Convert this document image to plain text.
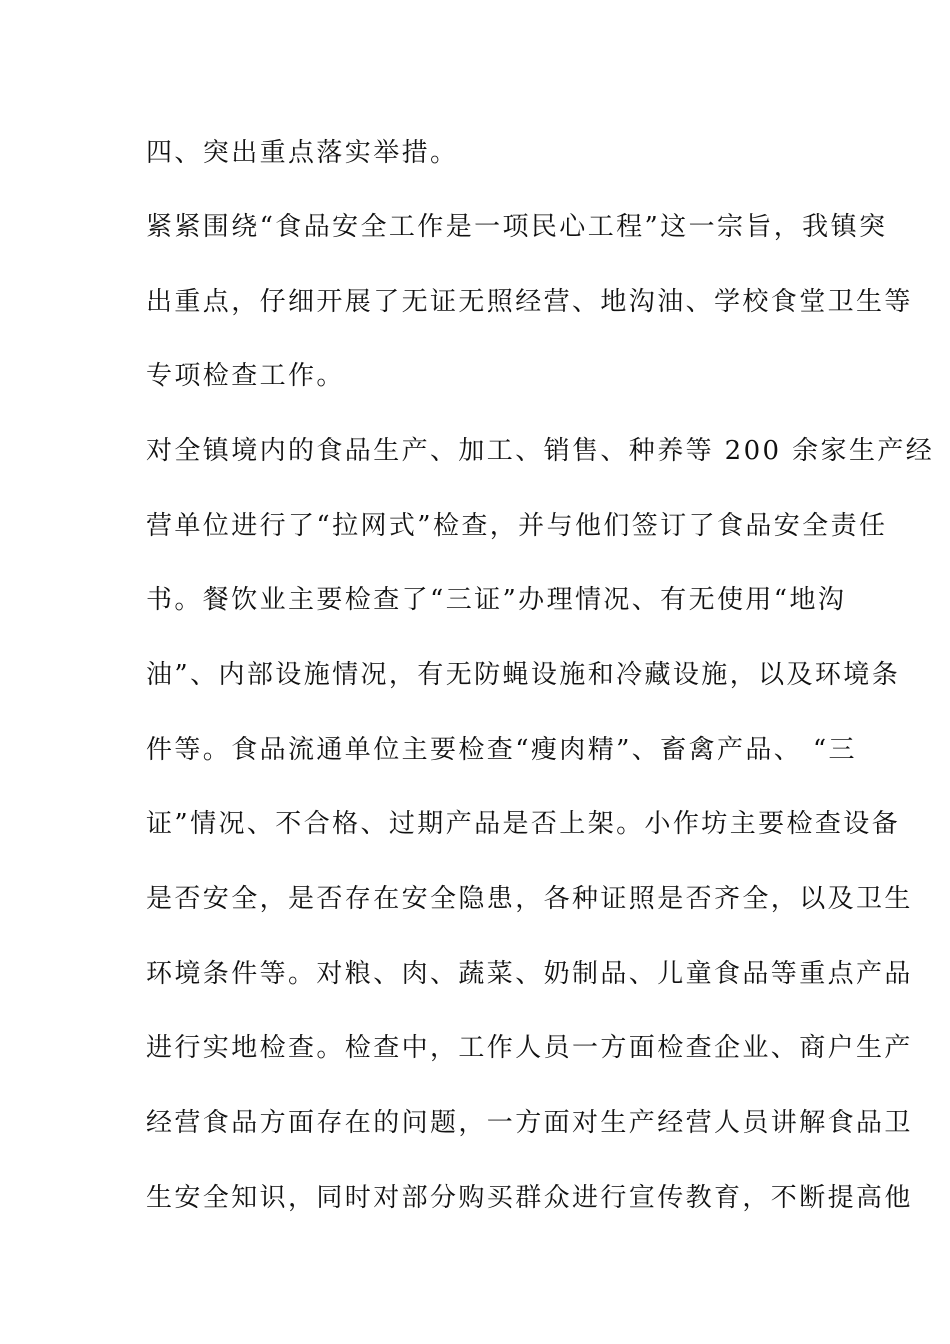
四、突出重点落实举措。
紧紧围绕“食品安全工作是一项民心工程”这一宗旨，我镇突
出重点，仔细开展了无证无照经营、地沟油、学校食堂卫生等
专项检查工作。
对全镇境内的食品生产、加工、销售、种养等 200 余家生产经
营单位进行了“拉网式”检查，并与他们签订了食品安全责任
书。餐饮业主要检查了“三证”办理情况、有无使用“地沟
油”、内部设施情况，有无防蝇设施和冷藏设施，以及环境条
件等。食品流通单位主要检查“瘦肉精”、畜禽产品、 “三
证”情况、不合格、过期产品是否上架。小作坊主要检查设备
是否安全，是否存在安全隐患，各种证照是否齐全，以及卫生
环境条件等。对粮、肉、蔬菜、奶制品、儿童食品等重点产品
进行实地检查。检查中，工作人员一方面检查企业、商户生产
经营食品方面存在的问题，一方面对生产经营人员讲解食品卫
生安全知识，同时对部分购买群众进行宣传教育，不断提高他
